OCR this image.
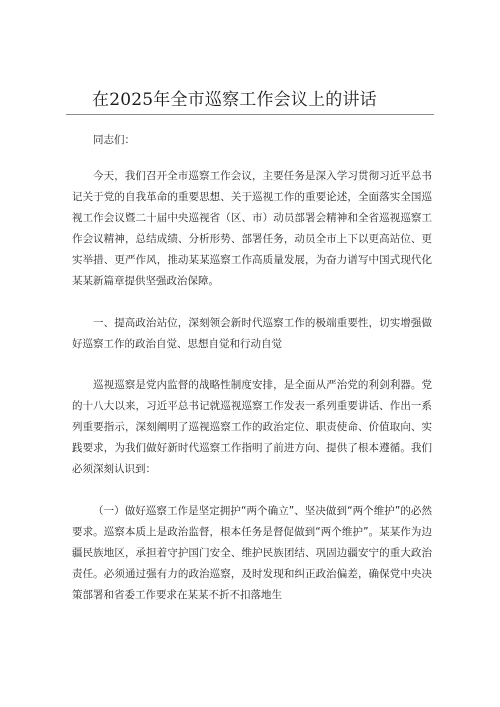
在2025年全市巡察工作会议上的讲话
同志们：
今天，我们召开全市巡察工作会议，主要任务是深入学习贯彻习近平总书记关于党的自我革命的重要思想、关于巡视工作的重要论述，全面落实全国巡视工作会议暨二十届中央巡视省（区、市）动员部署会精神和全省巡视巡察工作会议精神，总结成绩、分析形势、部署任务，动员全市上下以更高站位、更实举措、更严作风，推动某某巡察工作高质量发展，为奋力谱写中国式现代化某某新篇章提供坚强政治保障。
一、提高政治站位，深刻领会新时代巡察工作的极端重要性，切实增强做好巡察工作的政治自觉、思想自觉和行动自觉
巡视巡察是党内监督的战略性制度安排，是全面从严治党的利剑利器。党的十八大以来，习近平总书记就巡视巡察工作发表一系列重要讲话、作出一系列重要指示，深刻阐明了巡视巡察工作的政治定位、职责使命、价值取向、实践要求，为我们做好新时代巡察工作指明了前进方向、提供了根本遵循。我们必须深刻认识到：
（一）做好巡察工作是坚定拥护“两个确立”、坚决做到“两个维护”的必然要求。巡察本质上是政治监督，根本任务是督促做到“两个维护”。某某作为边疆民族地区，承担着守护国门安全、维护民族团结、巩固边疆安宁的重大政治责任。必须通过强有力的政治巡察，及时发现和纠正政治偏差，确保党中央决策部署和省委工作要求在某某不折不扣落地生
